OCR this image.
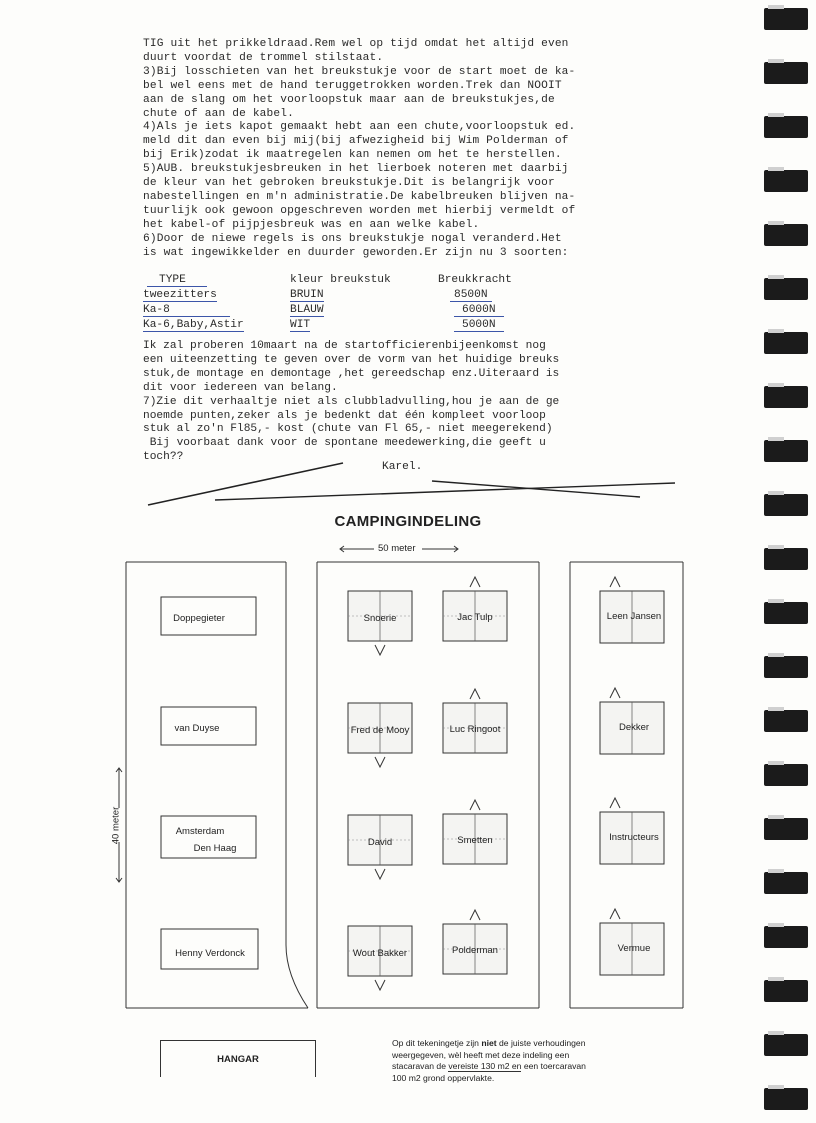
TIG uit het prikkeldraad.Rem wel op tijd omdat het altijd even

duurt voordat de trommel stilstaat.

3)Bij losschieten van het breukstukje voor de start moet de ka-

bel wel eens met de hand teruggetrokken worden.Trek dan NOOIT

aan de slang om het voorloopstuk maar aan de breukstukjes,de

chute of aan de kabel.

4)Als je iets kapot gemaakt hebt aan een chute,voorloopstuk ed.

meld dit dan even bij mij(bij afwezigheid bij Wim Polderman of

bij Erik)zodat ik maatregelen kan nemen om het te herstellen.

5)AUB. breukstukjesbreuken in het lierboek noteren met daarbij

de kleur van het gebroken breukstukje.Dit is belangrijk voor

nabestellingen en m'n administratie.De kabelbreuken blijven na-

tuurlijk ook gewoon opgeschreven worden met hierbij vermeldt of

het kabel-of pijpjesbreuk was en aan welke kabel.

6)Door de niewe regels is ons breukstukje nogal veranderd.Het

is wat ingewikkelder en duurder geworden.Er zijn nu 3 soorten:

TYPE	kleur breukstuk	Breukkracht
tweezitters	BRUIN	8500N
Ka-8	BLAUW	6000N
Ka-6,Baby,Astir	WIT	5000N

Ik zal proberen 10maart na de startofficierenbijeenkomst nog

een uiteenzetting te geven over de vorm van het huidige breuks

stuk,de montage en demontage ,het gereedschap enz.Uiteraard is

dit voor iedereen van belang.

7)Zie dit verhaaltje niet als clubbladvulling,hou je aan de ge

noemde punten,zeker als je bedenkt dat één kompleet voorloop

stuk al zo'n Fl85,- kost (chute van Fl 65,- niet meegerekend)

Bij voorbaat dank voor de spontane meedewerking,die geeft u

toch??

Karel.
CAMPINGINDELING
Doppegieter
van Duyse
Amsterdam
Den Haag
Henny Verdonck
Snoerie
Fred de Mooy
David
Wout Bakker
Jac Tulp
Luc Ringoot
Smetten
Polderman
Leen Jansen
Dekker
Instructeurs
Vermue
50 meter
40 meter
HANGAR

Op dit tekeningetje zijn niet de juiste verhoudingen

weergegeven, wèl heeft met deze indeling een

stacaravan de vereiste 130 m2 en een toercaravan

100 m2 grond oppervlakte.
